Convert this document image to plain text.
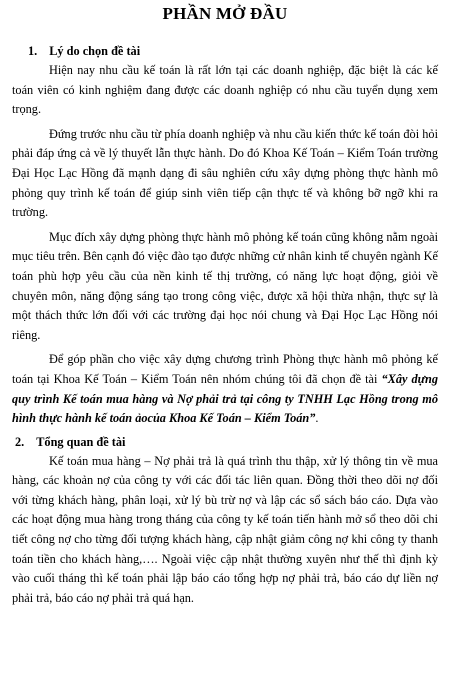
PHẦN MỞ ĐẦU
1. Lý do chọn đề tài

Hiện nay nhu cầu kế toán là rất lớn tại các doanh nghiệp, đặc biệt là các kế toán viên có kinh nghiệm đang được các doanh nghiệp có nhu cầu tuyển dụng xem trọng.

Đứng trước nhu cầu từ phía doanh nghiệp và nhu cầu kiến thức kế toán đòi hỏi phải đáp ứng cả về lý thuyết lẫn thực hành. Do đó Khoa Kế Toán – Kiểm Toán trường Đại Học Lạc Hồng đã mạnh dạng đi sâu nghiên cứu xây dựng phòng thực hành mô phỏng quy trình kế toán để giúp sinh viên tiếp cận thực tế và không bỡ ngỡ khi ra trường.

Mục đích xây dựng phòng thực hành mô phỏng kế toán cũng không nằm ngoài mục tiêu trên. Bên cạnh đó việc đào tạo được những cử nhân kinh tế chuyên ngành Kế toán phù hợp yêu cầu của nền kinh tế thị trường, có năng lực hoạt động, giỏi về chuyên môn, năng động sáng tạo trong công việc, được xã hội thừa nhận, thực sự là một thách thức lớn đối với các trường đại học nói chung và Đại Học Lạc Hồng nói riêng.

Để góp phần cho việc xây dựng chương trình Phòng thực hành mô phỏng kế toán tại Khoa Kế Toán – Kiểm Toán nên nhóm chúng tôi đã chọn đề tài “Xây dựng quy trình Kế toán mua hàng và Nợ phải trả tại công ty TNHH Lạc Hồng trong mô hình thực hành kế toán ảocủa Khoa Kế Toán – Kiểm Toán”.

2. Tổng quan đề tài

Kế toán mua hàng – Nợ phải trả là quá trình thu thập, xử lý thông tin về mua hàng, các khoản nợ của công ty với các đối tác liên quan. Đồng thời theo dõi nợ đối với từng khách hàng, phân loại, xử lý bù trừ nợ và lập các sổ sách báo cáo. Dựa vào các hoạt động mua hàng trong tháng của công ty kế toán tiến hành mở sổ theo dõi chi tiết công nợ cho từng đối tượng khách hàng, cập nhật giảm công nợ khi công ty thanh toán tiền cho khách hàng,…. Ngoài việc cập nhật thường xuyên như thế thì định kỳ vào cuối tháng thì kế toán phải lập báo cáo tổng hợp nợ phải trả, báo cáo dự liền nợ phải trả, báo cáo nợ phải trả quá hạn.
